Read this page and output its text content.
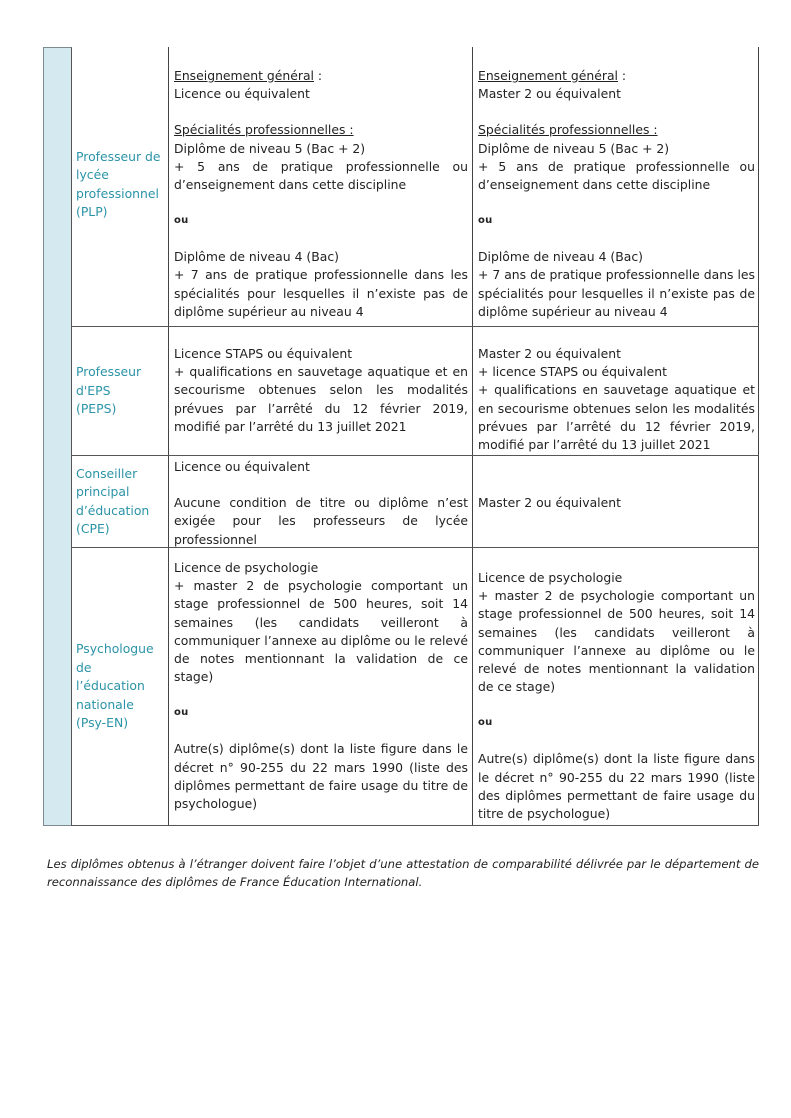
Professeur de
lycée
professionnel
(PLP)

Enseignement général :

Licence ou équivalent

Spécialités professionnelles :

Diplôme de niveau 5 (Bac + 2)

+ 5 ans de pratique professionnelle ou d’enseignement dans cette discipline

ou

Diplôme de niveau 4 (Bac)

+ 7 ans de pratique professionnelle dans les spécialités pour lesquelles il n’existe pas de diplôme supérieur au niveau 4

Enseignement général :

Master 2 ou équivalent

Spécialités professionnelles :

Diplôme de niveau 5 (Bac + 2)

+ 5 ans de pratique professionnelle ou d’enseignement dans cette discipline

ou

Diplôme de niveau 4 (Bac)

+ 7 ans de pratique professionnelle dans les spécialités pour lesquelles il n’existe pas de diplôme supérieur au niveau 4

Professeur
d'EPS
(PEPS)

Licence STAPS ou équivalent

+ qualifications en sauvetage aquatique et en secourisme obtenues selon les modalités prévues par l’arrêté du 12 février 2019, modifié par l’arrêté du 13 juillet 2021

Master 2 ou équivalent

+ licence STAPS ou équivalent

+ qualifications en sauvetage aquatique et en secourisme obtenues selon les modalités prévues par l’arrêté du 12 février 2019, modifié par l’arrêté du 13 juillet 2021

Conseiller
principal
d’éducation
(CPE)

Licence ou équivalent

Aucune condition de titre ou diplôme n’est exigée pour les professeurs de lycée professionnel

Master 2 ou équivalent

Psychologue
de
l’éducation
nationale
(Psy-EN)

Licence de psychologie

+ master 2 de psychologie comportant un stage professionnel de 500 heures, soit 14 semaines (les candidats veilleront à communiquer l’annexe au diplôme ou le relevé de notes mentionnant la validation de ce stage)

ou

Autre(s) diplôme(s) dont la liste figure dans le décret n° 90-255 du 22 mars 1990 (liste des diplômes permettant de faire usage du titre de psychologue)

Licence de psychologie

+ master 2 de psychologie comportant un stage professionnel de 500 heures, soit 14 semaines (les candidats veilleront à communiquer l’annexe au diplôme ou le relevé de notes mentionnant la validation de ce stage)

ou

Autre(s) diplôme(s) dont la liste figure dans le décret n° 90-255 du 22 mars 1990 (liste des diplômes permettant de faire usage du titre de psychologue)

Les diplômes obtenus à l’étranger doivent faire l’objet d’une attestation de comparabilité délivrée par le département de reconnaissance des diplômes de France Éducation International.
